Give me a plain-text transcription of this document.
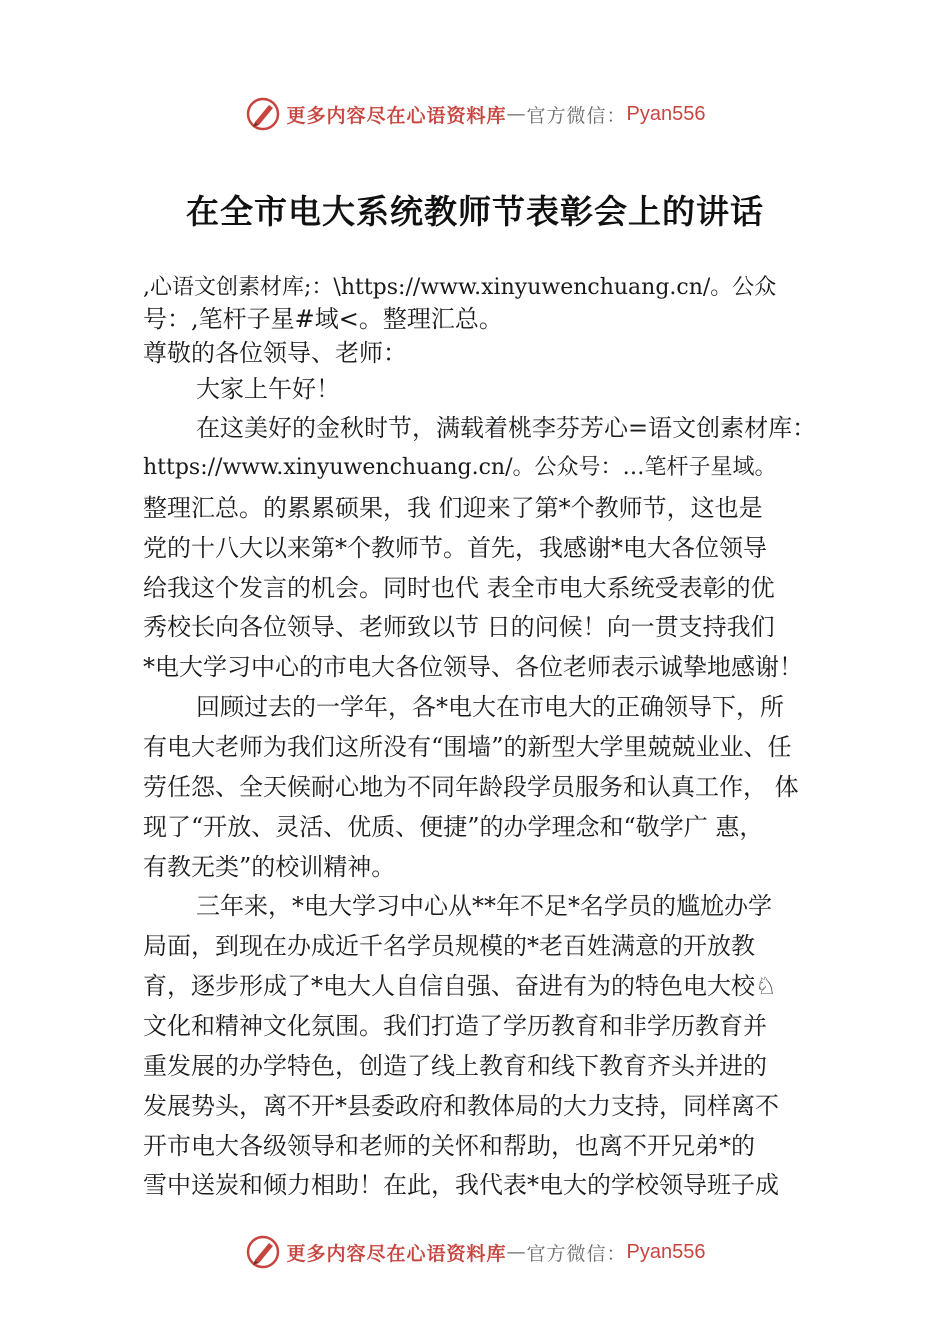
更多内容尽在心语资料库 — 官方微信： Pyan556
在全市电大系统教师节表彰会上的讲话
,心语文创素材库;：\https://www.xinyuwenchuang.cn/。公众
号：,笔杆子星#域<。整理汇总。
尊敬的各位领导、老师：
大家上午好！
在这美好的金秋时节，满载着桃李芬芳心=语文创素材库：
https://www.xinyuwenchuang.cn/。公众号：…笔杆子星域。
整理汇总。的累累硕果，我 们迎来了第*个教师节，这也是
党的十八大以来第*个教师节。首先，我感谢*电大各位领导
给我这个发言的机会。同时也代 表全市电大系统受表彰的优
秀校长向各位领导、老师致以节 日的问候！向一贯支持我们
*电大学习中心的市电大各位领导、各位老师表示诚挚地感谢！
回顾过去的一学年，各*电大在市电大的正确领导下，所
有电大老师为我们这所没有“围墙”的新型大学里兢兢业业、任
劳任怨、全天候耐心地为不同年龄段学员服务和认真工作， 体
现了“开放、灵活、优质、便捷”的办学理念和“敬学广 惠，
有教无类”的校训精神。
三年来，*电大学习中心从**年不足*名学员的尴尬办学
局面，到现在办成近千名学员规模的*老百姓满意的开放教
育，逐步形成了*电大人自信自强、奋进有为的特色电大校♘
文化和精神文化氛围。我们打造了学历教育和非学历教育并
重发展的办学特色，创造了线上教育和线下教育齐头并进的
发展势头，离不开*县委政府和教体局的大力支持，同样离不
开市电大各级领导和老师的关怀和帮助，也离不开兄弟*的
雪中送炭和倾力相助！在此，我代表*电大的学校领导班子成
更多内容尽在心语资料库 — 官方微信： Pyan556
